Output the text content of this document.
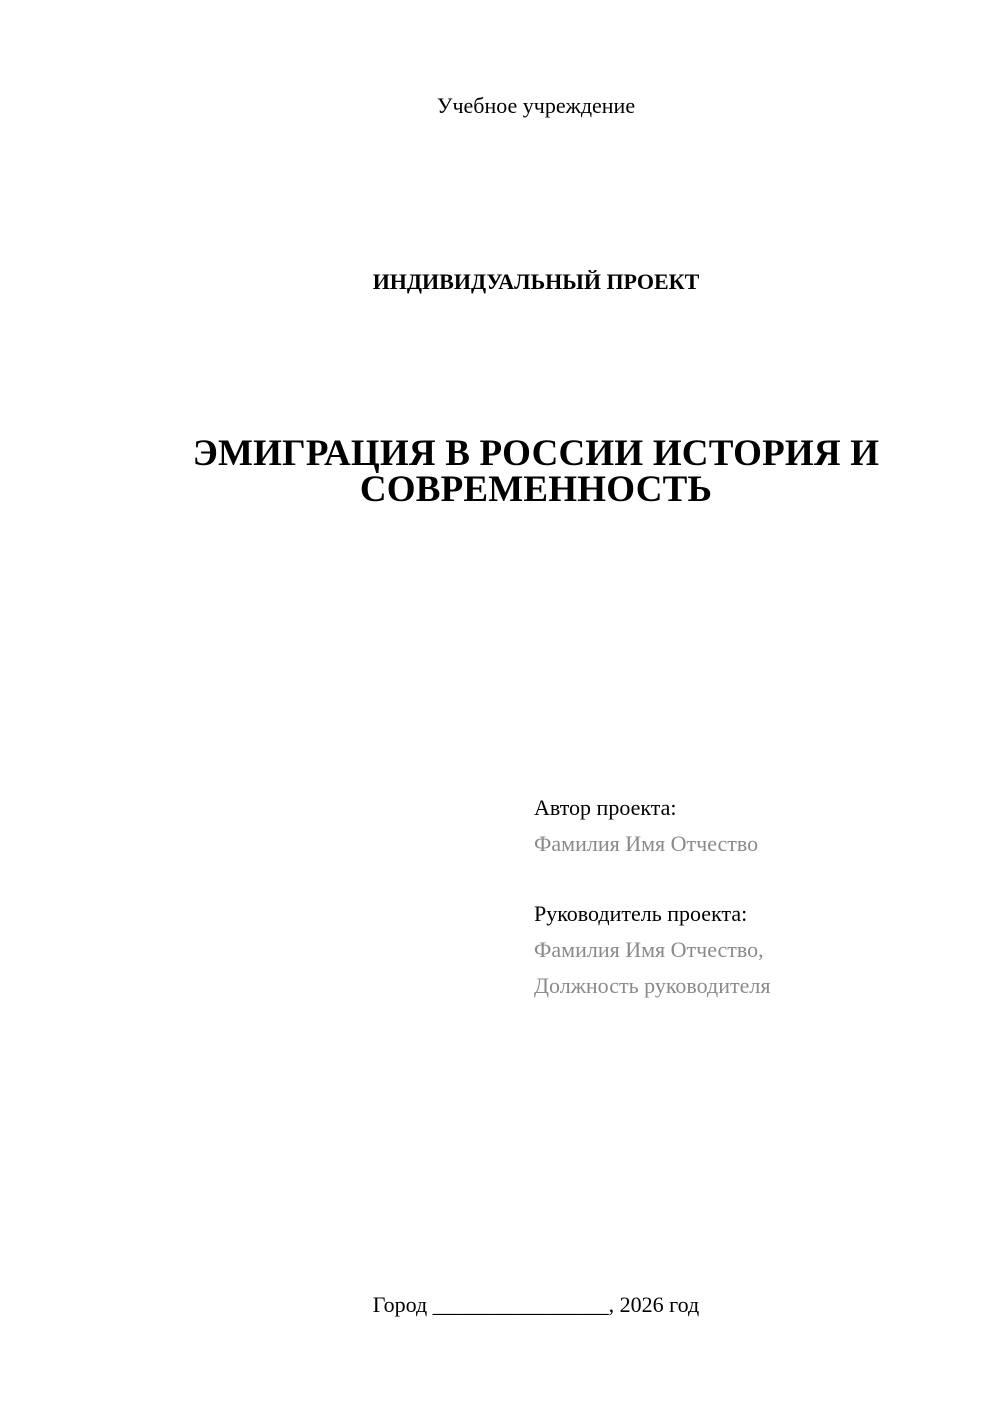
Учебное учреждение
ИНДИВИДУАЛЬНЫЙ ПРОЕКТ
ЭМИГРАЦИЯ В РОССИИ ИСТОРИЯ И
СОВРЕМЕННОСТЬ
Автор проекта:
Фамилия Имя Отчество
Руководитель проекта:
Фамилия Имя Отчество,
Должность руководителя
Город ________________, 2026 год
